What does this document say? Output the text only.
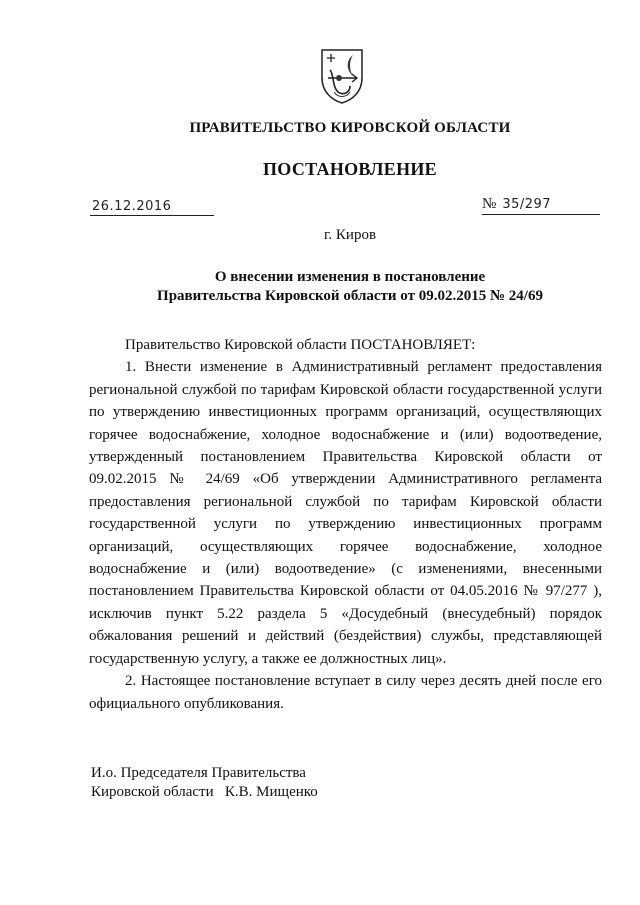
ПРАВИТЕЛЬСТВО КИРОВСКОЙ ОБЛАСТИ
ПОСТАНОВЛЕНИЕ
26.12.2016	№ 35/297
г. Киров
О внесении изменения в постановление
Правительства Кировской области от 09.02.2015 № 24/69

Правительство Кировской области ПОСТАНОВЛЯЕТ:

1. Внести изменение в Административный регламент предоставления региональной службой по тарифам Кировской области государственной услуги по утверждению инвестиционных программ организаций, осуществляющих горячее водоснабжение, холодное водоснабжение и (или) водоотведение, утвержденный постановлением Правительства Кировской области от 09.02.2015 № 24/69 «Об утверждении Административного регламента предоставления региональной службой по тарифам Кировской области государственной услуги по утверждению инвестиционных программ организаций, осуществляющих горячее водоснабжение, холодное водоснабжение и (или) водоотведение» (с изменениями, внесенными постановлением Правительства Кировской области от 04.05.2016 № 97/277 ), исключив пункт 5.22 раздела 5 «Досудебный (внесудебный) порядок обжалования решений и действий (бездействия) службы, представляющей государственную услугу, а также ее должностных лиц».

2. Настоящее постановление вступает в силу через десять дней после его официального опубликования.

И.о. Председателя Правительства
Кировской области К.В. Мищенко
